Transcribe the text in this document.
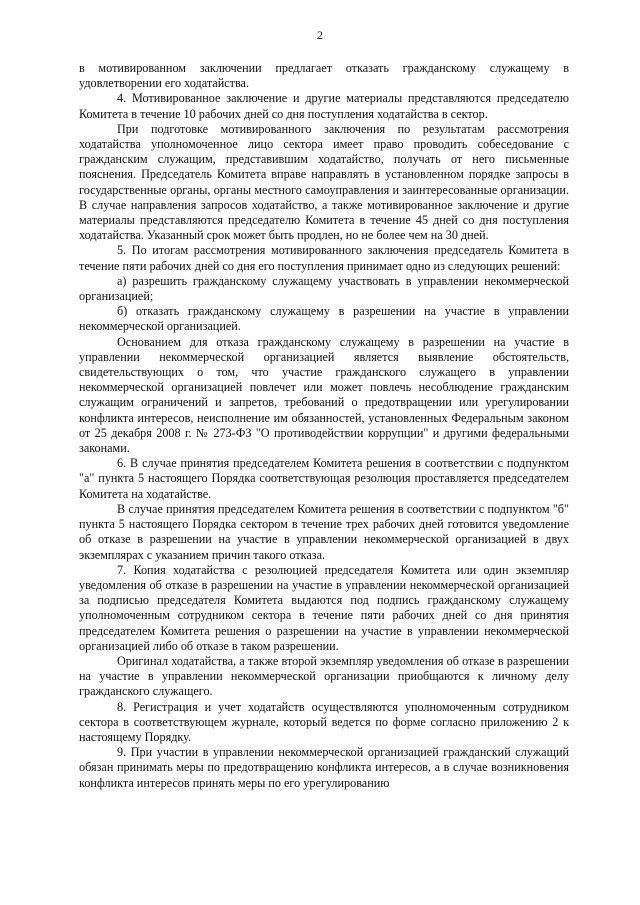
2

в мотивированном заключении предлагает отказать гражданскому служащему в удовлетворении его ходатайства.

4. Мотивированное заключение и другие материалы представляются председателю Комитета в течение 10 рабочих дней со дня поступления ходатайства в сектор.

При подготовке мотивированного заключения по результатам рассмотрения ходатайства уполномоченное лицо сектора имеет право проводить собеседование с гражданским служащим, представившим ходатайство, получать от него письменные пояснения. Председатель Комитета вправе направлять в установленном порядке запросы в государственные органы, органы местного самоуправления и заинтересованные организации. В случае направления запросов ходатайство, а также мотивированное заключение и другие материалы представляются председателю Комитета в течение 45 дней со дня поступления ходатайства. Указанный срок может быть продлен, но не более чем на 30 дней.

5. По итогам рассмотрения мотивированного заключения председатель Комитета в течение пяти рабочих дней со дня его поступления принимает одно из следующих решений:

а) разрешить гражданскому служащему участвовать в управлении некоммерческой организацией;

б) отказать гражданскому служащему в разрешении на участие в управлении некоммерческой организацией.

Основанием для отказа гражданскому служащему в разрешении на участие в управлении некоммерческой организацией является выявление обстоятельств, свидетельствующих о том, что участие гражданского служащего в управлении некоммерческой организацией повлечет или может повлечь несоблюдение гражданским служащим ограничений и запретов, требований о предотвращении или урегулировании конфликта интересов, неисполнение им обязанностей, установленных Федеральным законом от 25 декабря 2008 г. № 273-ФЗ "О противодействии коррупции" и другими федеральными законами.

6. В случае принятия председателем Комитета решения в соответствии с подпунктом "а" пункта 5 настоящего Порядка соответствующая резолюция проставляется председателем Комитета на ходатайстве.

В случае принятия председателем Комитета решения в соответствии с подпунктом "б" пункта 5 настоящего Порядка сектором в течение трех рабочих дней готовится уведомление об отказе в разрешении на участие в управлении некоммерческой организацией в двух экземплярах с указанием причин такого отказа.

7. Копия ходатайства с резолюцией председателя Комитета или один экземпляр уведомления об отказе в разрешении на участие в управлении некоммерческой организацией за подписью председателя Комитета выдаются под подпись гражданскому служащему уполномоченным сотрудником сектора в течение пяти рабочих дней со дня принятия председателем Комитета решения о разрешении на участие в управлении некоммерческой организацией либо об отказе в таком разрешении.

Оригинал ходатайства, а также второй экземпляр уведомления об отказе в разрешении на участие в управлении некоммерческой организации приобщаются к личному делу гражданского служащего.

8. Регистрация и учет ходатайств осуществляются уполномоченным сотрудником сектора в соответствующем журнале, который ведется по форме согласно приложению 2 к настоящему Порядку.

9. При участии в управлении некоммерческой организацией гражданский служащий обязан принимать меры по предотвращению конфликта интересов, а в случае возникновения конфликта интересов принять меры по его урегулированию
